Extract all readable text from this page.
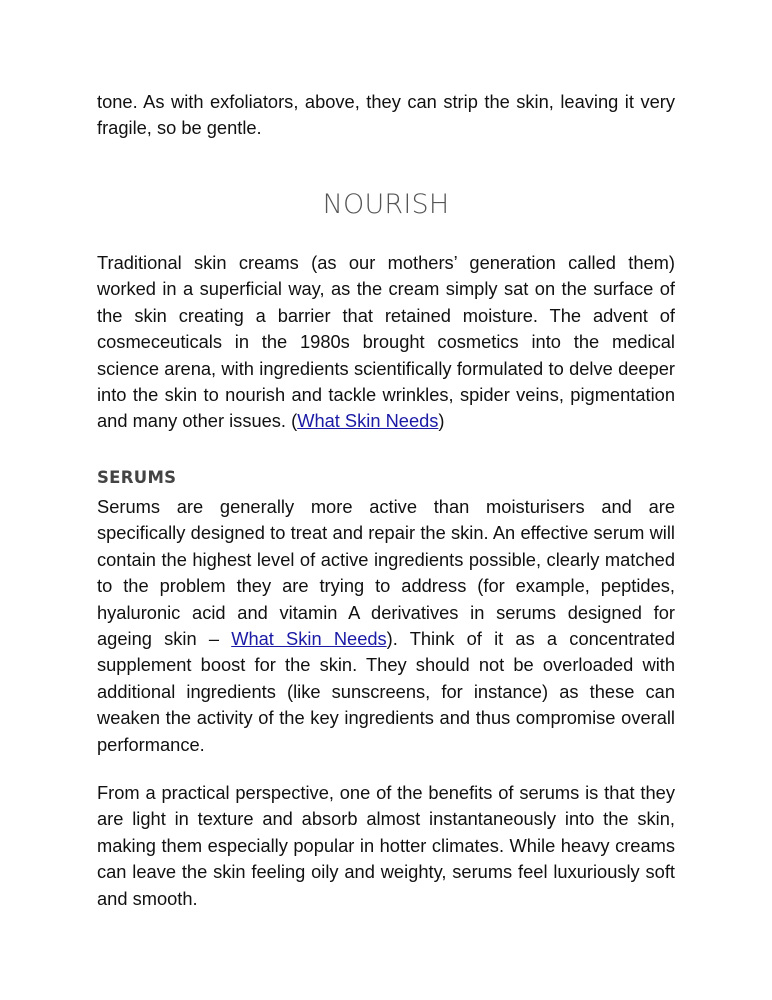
tone. As with exfoliators, above, they can strip the skin, leaving it very fragile, so be gentle.

NOURISH

Traditional skin creams (as our mothers’ generation called them) worked in a superficial way, as the cream simply sat on the surface of the skin creating a barrier that retained moisture. The advent of cosmeceuticals in the 1980s brought cosmetics into the medical science arena, with ingredients scientifically formulated to delve deeper into the skin to nourish and tackle wrinkles, spider veins, pigmentation and many other issues. (What Skin Needs)

SERUMS

Serums are generally more active than moisturisers and are specifically designed to treat and repair the skin. An effective serum will contain the highest level of active ingredients possible, clearly matched to the problem they are trying to address (for example, peptides, hyaluronic acid and vitamin A derivatives in serums designed for ageing skin – What Skin Needs). Think of it as a concentrated supplement boost for the skin. They should not be overloaded with additional ingredients (like sunscreens, for instance) as these can weaken the activity of the key ingredients and thus compromise overall performance.

From a practical perspective, one of the benefits of serums is that they are light in texture and absorb almost instantaneously into the skin, making them especially popular in hotter climates. While heavy creams can leave the skin feeling oily and weighty, serums feel luxuriously soft and smooth.
